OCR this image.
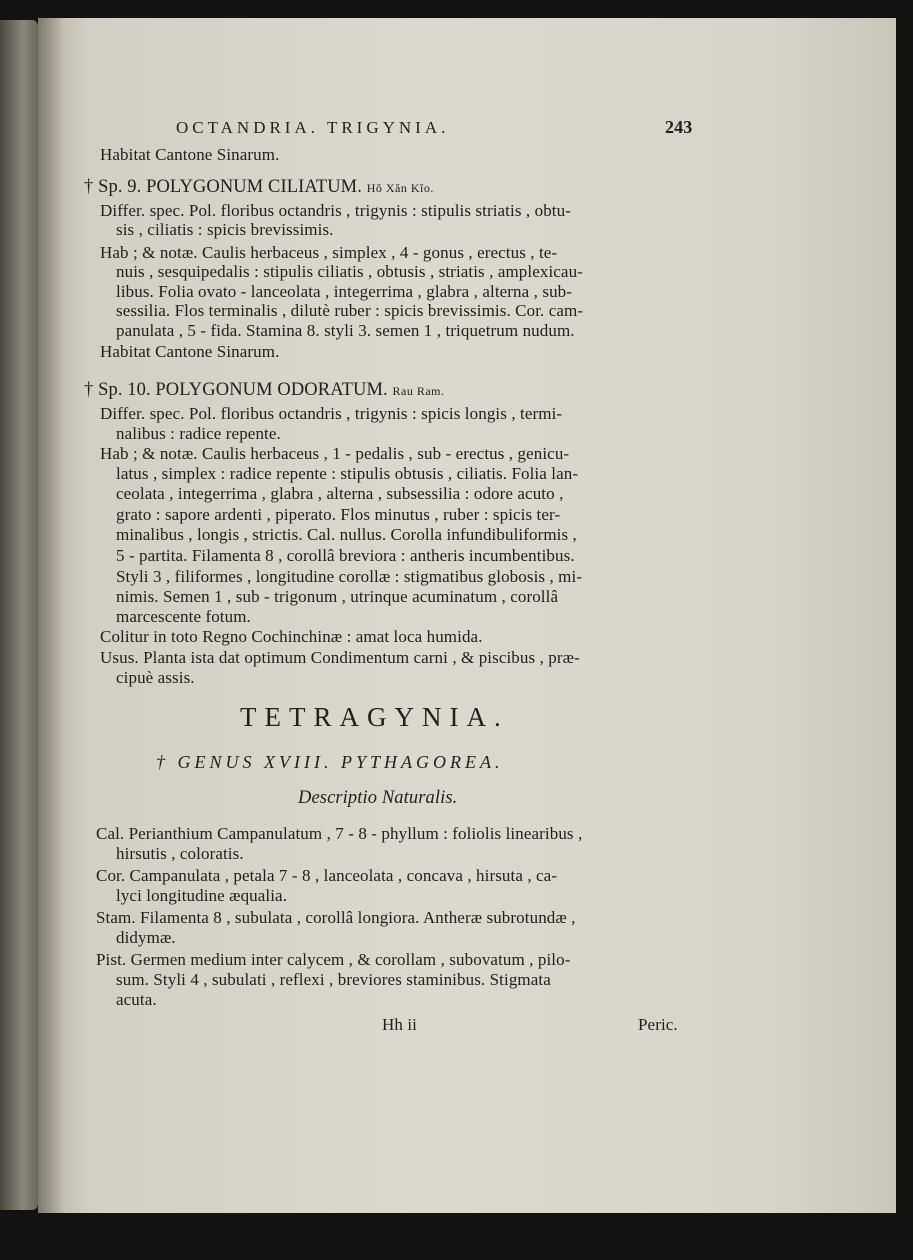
OCTANDRIA. TRIGYNIA.	243
Habitat Cantone Sinarum.
† Sp. 9. POLYGONUM CILIATUM. Hŏ Xăn Kĭo.
Differ. spec. Pol. floribus octandris , trigynis : stipulis striatis , obtu-
sis , ciliatis : spicis brevissimis.
Hab ; & notæ. Caulis herbaceus , simplex , 4 - gonus , erectus , te-
nuis , sesquipedalis : stipulis ciliatis , obtusis , striatis , amplexicau-
libus. Folia ovato - lanceolata , integerrima , glabra , alterna , sub-
sessilia. Flos terminalis , dilutè ruber : spicis brevissimis. Cor. cam-
panulata , 5 - fida. Stamina 8. styli 3. semen 1 , triquetrum nudum.
Habitat Cantone Sinarum.
† Sp. 10. POLYGONUM ODORATUM. Rau Ram.
Differ. spec. Pol. floribus octandris , trigynis : spicis longis , termi-
nalibus : radice repente.
Hab ; & notæ. Caulis herbaceus , 1 - pedalis , sub - erectus , genicu-
latus , simplex : radice repente : stipulis obtusis , ciliatis. Folia lan-
ceolata , integerrima , glabra , alterna , subsessilia : odore acuto ,
grato : sapore ardenti , piperato. Flos minutus , ruber : spicis ter-
minalibus , longis , strictis. Cal. nullus. Corolla infundibuliformis ,
5 - partita. Filamenta 8 , corollâ breviora : antheris incumbentibus.
Styli 3 , filiformes , longitudine corollæ : stigmatibus globosis , mi-
nimis. Semen 1 , sub - trigonum , utrinque acuminatum , corollâ
marcescente fotum.
Colitur in toto Regno Cochinchinæ : amat loca humida.
Usus. Planta ista dat optimum Condimentum carni , & piscibus , præ-
cipuè assis.
TETRAGYNIA.
† GENUS XVIII. PYTHAGOREA.
Descriptio Naturalis.
Cal. Perianthium Campanulatum , 7 - 8 - phyllum : foliolis linearibus ,
hirsutis , coloratis.
Cor. Campanulata , petala 7 - 8 , lanceolata , concava , hirsuta , ca-
lyci longitudine æqualia.
Stam. Filamenta 8 , subulata , corollâ longiora. Antheræ subrotundæ ,
didymæ.
Pist. Germen medium inter calycem , & corollam , subovatum , pilo-
sum. Styli 4 , subulati , reflexi , breviores staminibus. Stigmata
acuta.
Hh ii	Peric.
